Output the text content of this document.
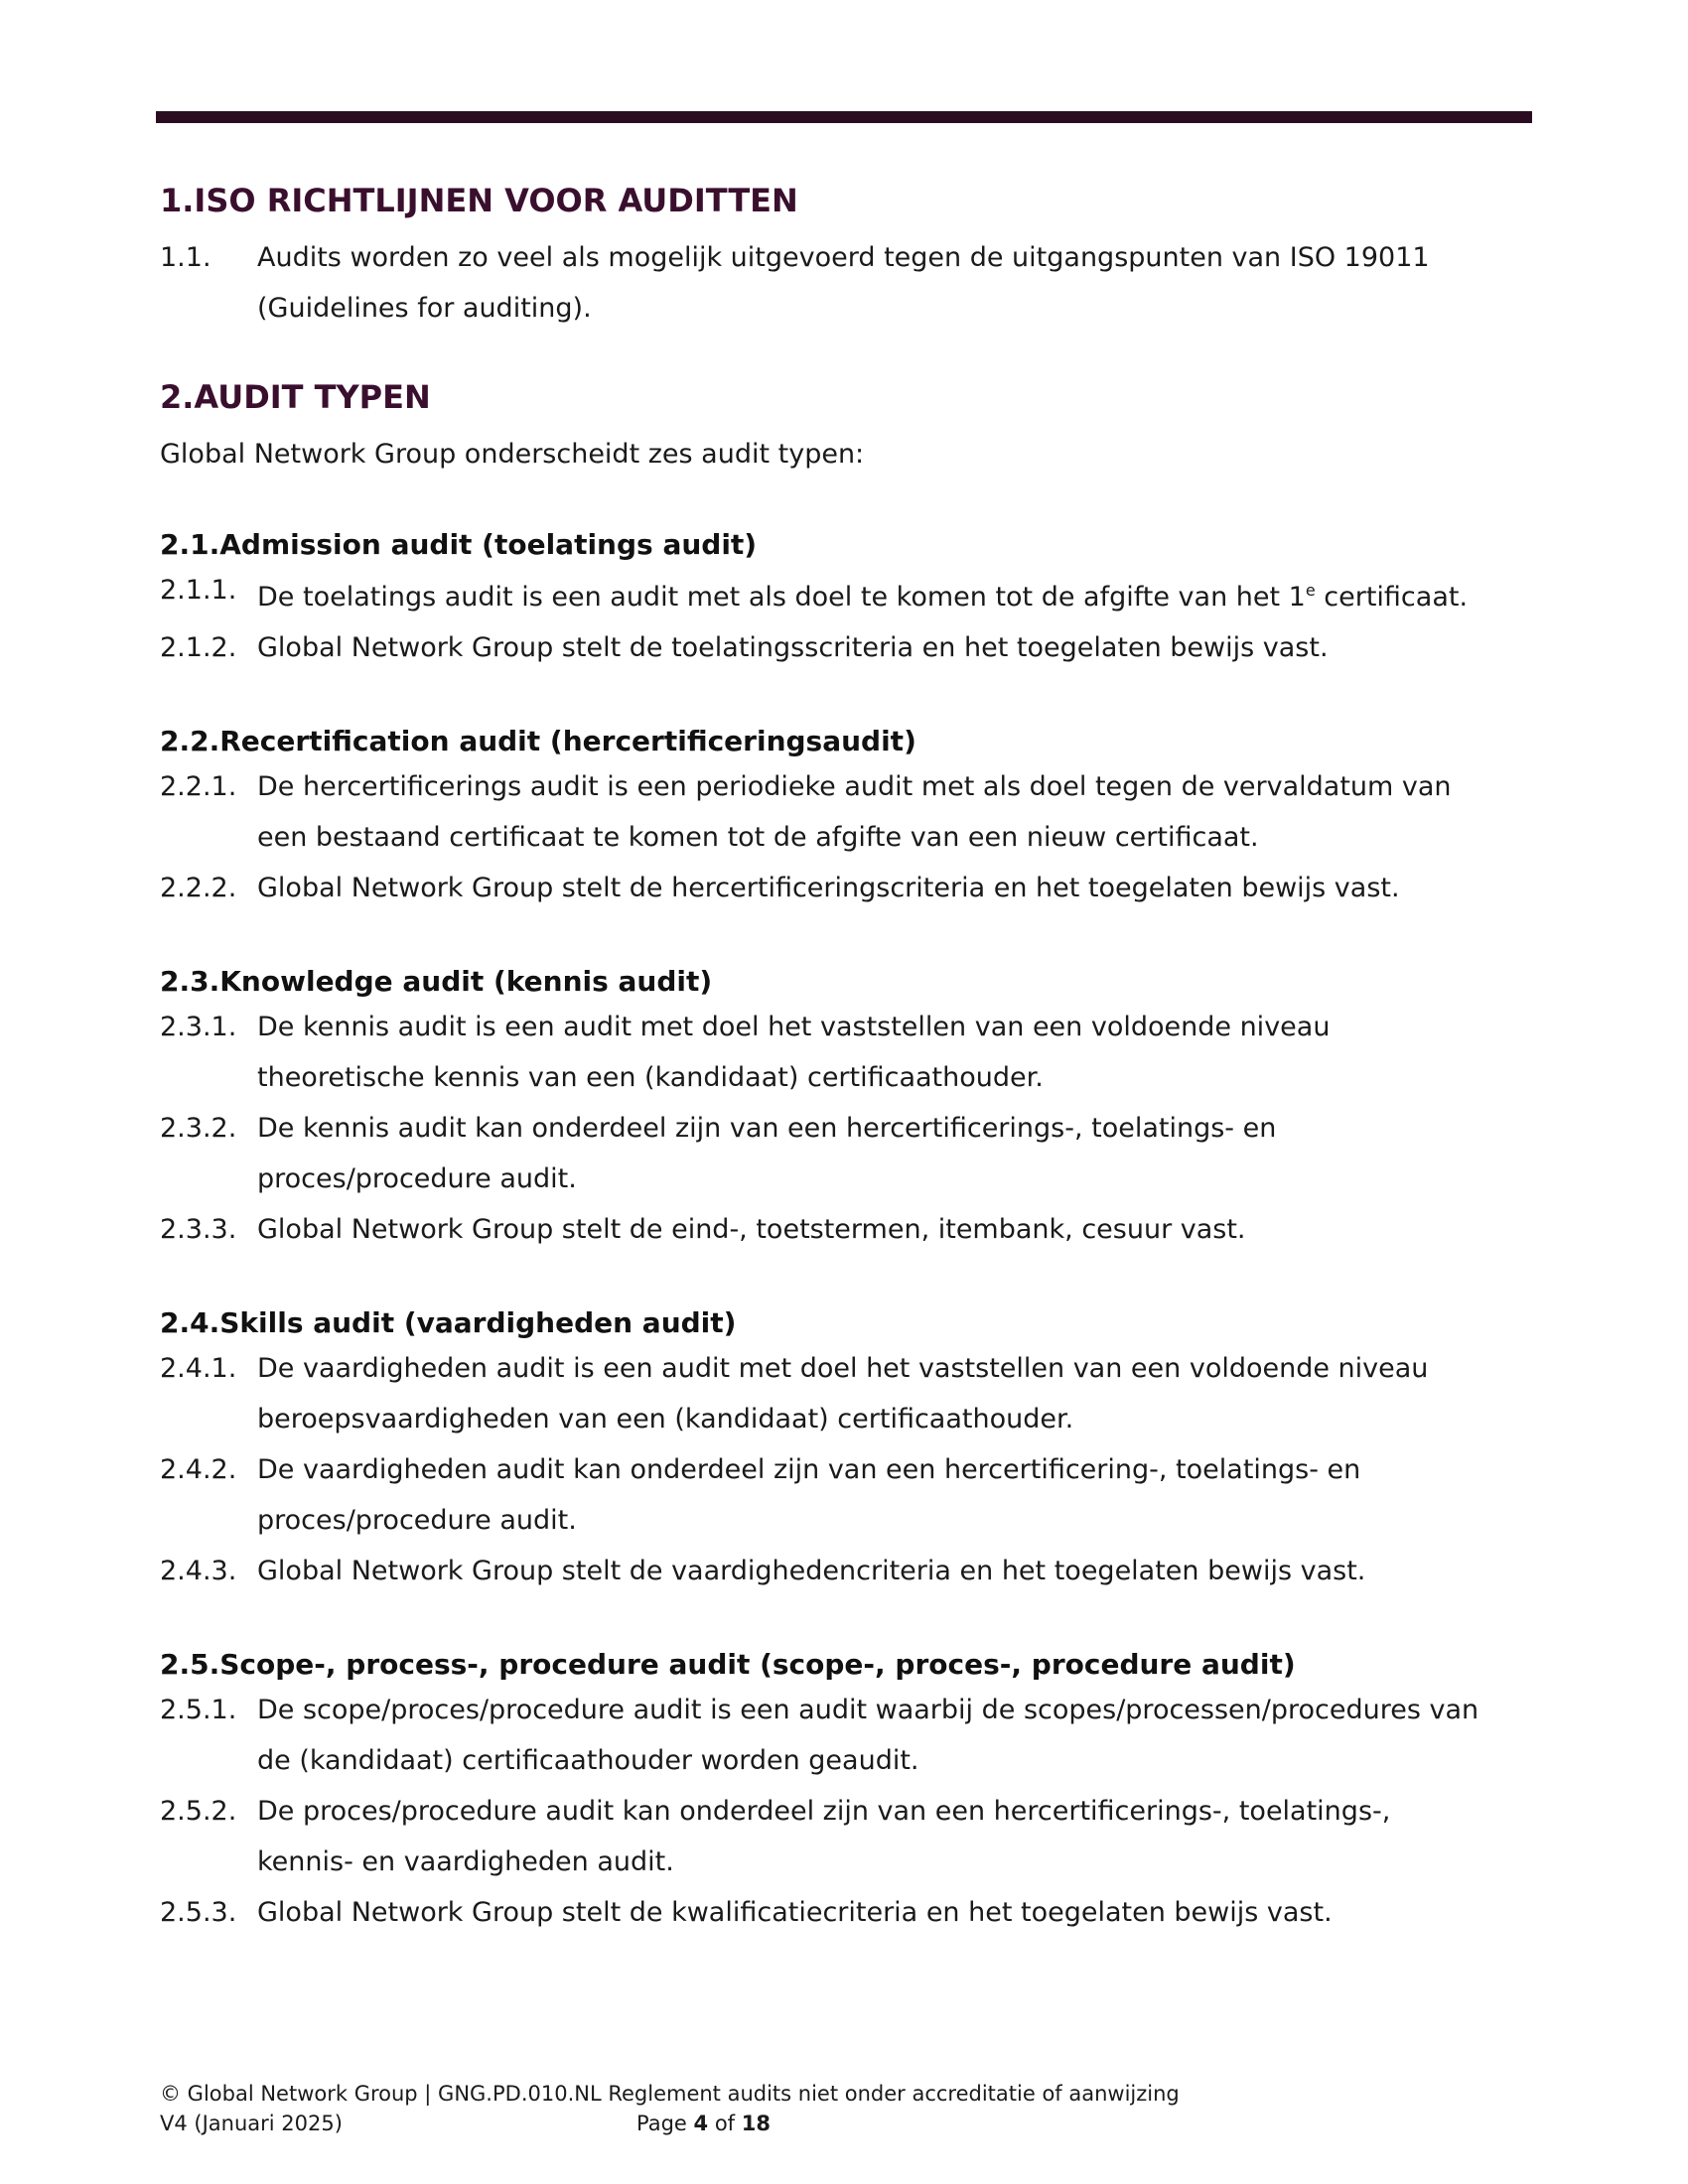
1.ISO RICHTLIJNEN VOOR AUDITTEN
1.1.	Audits worden zo veel als mogelijk uitgevoerd tegen de uitgangspunten van ISO 19011
(Guidelines for auditing).
2.AUDIT TYPEN

Global Network Group onderscheidt zes audit typen:

2.1.Admission audit (toelatings audit)
2.1.1. De toelatings audit is een audit met als doel te komen tot de afgifte van het 1e certificaat.
2.1.2. Global Network Group stelt de toelatingsscriteria en het toegelaten bewijs vast.
2.2.Recertification audit (hercertificeringsaudit)
2.2.1. De hercertificerings audit is een periodieke audit met als doel tegen de vervaldatum van
een bestaand certificaat te komen tot de afgifte van een nieuw certificaat.
2.2.2. Global Network Group stelt de hercertificeringscriteria en het toegelaten bewijs vast.
2.3.Knowledge audit (kennis audit)
2.3.1. De kennis audit is een audit met doel het vaststellen van een voldoende niveau
theoretische kennis van een (kandidaat) certificaathouder.
2.3.2. De kennis audit kan onderdeel zijn van een hercertificerings-, toelatings- en
proces/procedure audit.
2.3.3. Global Network Group stelt de eind-, toetstermen, itembank, cesuur vast.
2.4.Skills audit (vaardigheden audit)
2.4.1. De vaardigheden audit is een audit met doel het vaststellen van een voldoende niveau
beroepsvaardigheden van een (kandidaat) certificaathouder.
2.4.2. De vaardigheden audit kan onderdeel zijn van een hercertificering-, toelatings- en
proces/procedure audit.
2.4.3. Global Network Group stelt de vaardighedencriteria en het toegelaten bewijs vast.
2.5.Scope-, process-, procedure audit (scope-, proces-, procedure audit)
2.5.1. De scope/proces/procedure audit is een audit waarbij de scopes/processen/procedures van
de (kandidaat) certificaathouder worden geaudit.
2.5.2. De proces/procedure audit kan onderdeel zijn van een hercertificerings-, toelatings-,
kennis- en vaardigheden audit.
2.5.3. Global Network Group stelt de kwalificatiecriteria en het toegelaten bewijs vast.
© Global Network Group | GNG.PD.010.NL Reglement audits niet onder accreditatie of aanwijzing
V4 (Januari 2025)	Page 4 of 18
